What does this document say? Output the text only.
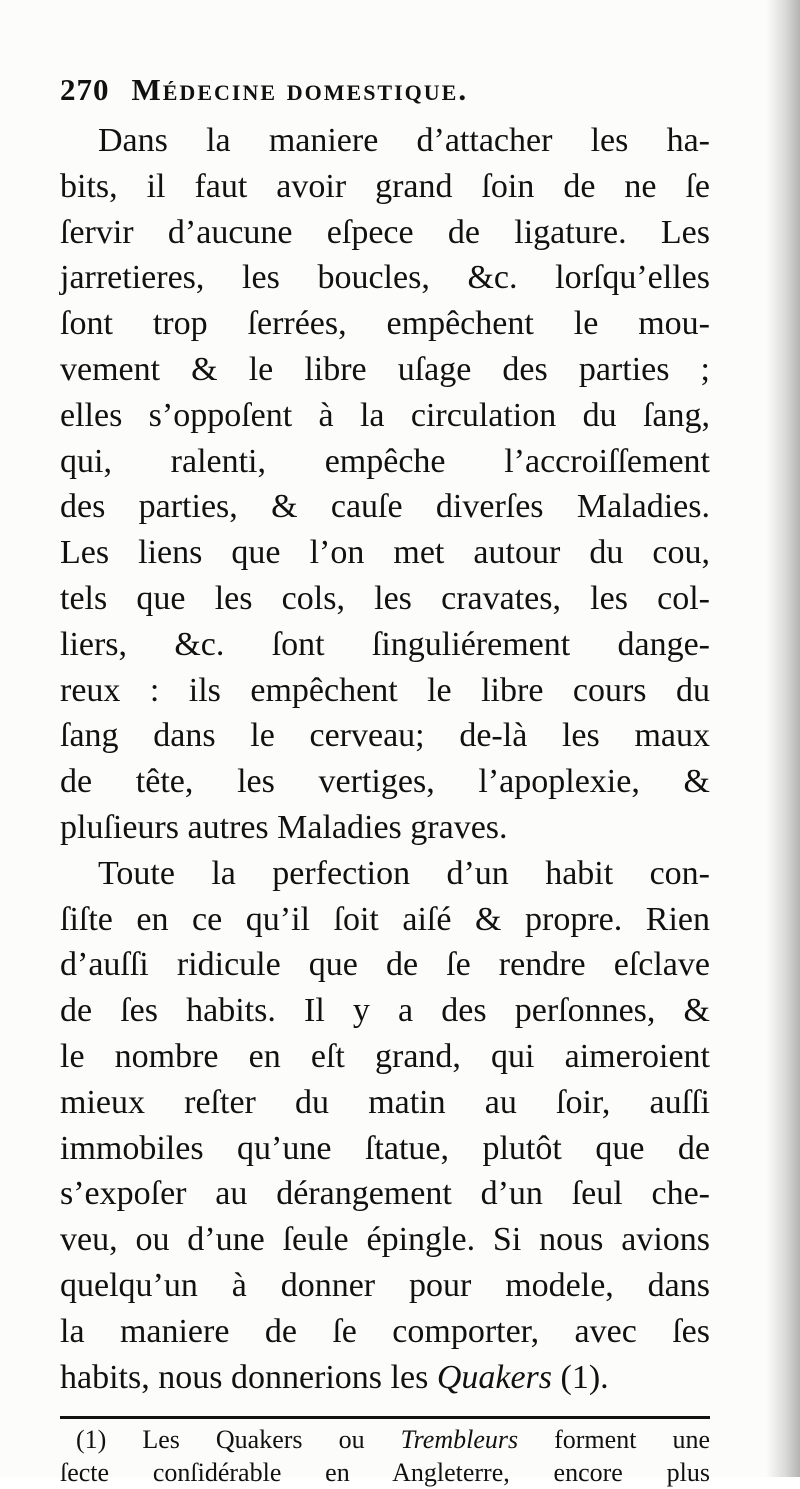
270 Médecine domestique.
Dans la maniere d’attacher les ha-
bits, il faut avoir grand ſoin de ne ſe
ſervir d’aucune eſpece de ligature. Les
jarretieres, les boucles, &c. lorſqu’elles
ſont trop ſerrées, empêchent le mou-
vement & le libre uſage des parties ;
elles s’oppoſent à la circulation du ſang,
qui, ralenti, empêche l’accroiſſement
des parties, & cauſe diverſes Maladies.
Les liens que l’on met autour du cou,
tels que les cols, les cravates, les col-
liers, &c. ſont ſinguliérement dange-
reux : ils empêchent le libre cours du
ſang dans le cerveau; de-là les maux
de tête, les vertiges, l’apoplexie, &
pluſieurs autres Maladies graves.
Toute la perfection d’un habit con-
ſiſte en ce qu’il ſoit aiſé & propre. Rien
d’auſſi ridicule que de ſe rendre eſclave
de ſes habits. Il y a des perſonnes, &
le nombre en eſt grand, qui aimeroient
mieux reſter du matin au ſoir, auſſi
immobiles qu’une ſtatue, plutôt que de
s’expoſer au dérangement d’un ſeul che-
veu, ou d’une ſeule épingle. Si nous avions
quelqu’un à donner pour modele, dans
la maniere de ſe comporter, avec ſes
habits, nous donnerions les Quakers (1).
(1) Les Quakers ou Trembleurs forment une
ſecte conſidérable en Angleterre, encore plus
